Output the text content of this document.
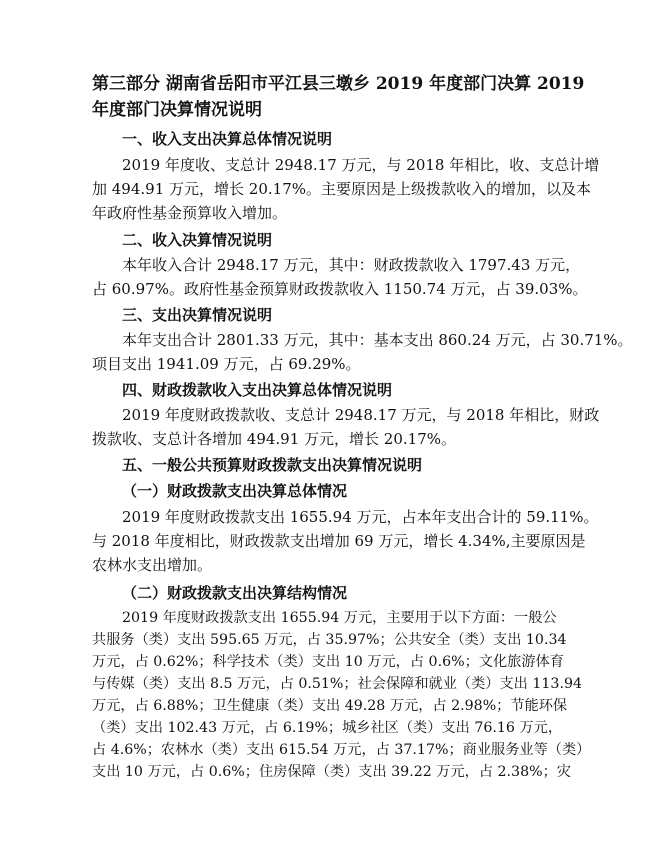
第三部分 湖南省岳阳市平江县三墩乡 2019 年度部门决算 2019
年度部门决算情况说明
一、收入支出决算总体情况说明
2019 年度收、支总计 2948.17 万元，与 2018 年相比，收、支总计增
加 494.91 万元，增长 20.17%。主要原因是上级拨款收入的增加，以及本
年政府性基金预算收入增加。
二、收入决算情况说明
本年收入合计 2948.17 万元，其中：财政拨款收入 1797.43 万元，
占 60.97%。政府性基金预算财政拨款收入 1150.74 万元，占 39.03%。
三、支出决算情况说明
本年支出合计 2801.33 万元，其中：基本支出 860.24 万元，占 30.71%。
项目支出 1941.09 万元，占 69.29%。
四、财政拨款收入支出决算总体情况说明
2019 年度财政拨款收、支总计 2948.17 万元，与 2018 年相比，财政
拨款收、支总计各增加 494.91 万元，增长 20.17%。
五、一般公共预算财政拨款支出决算情况说明
（一）财政拨款支出决算总体情况
2019 年度财政拨款支出 1655.94 万元，占本年支出合计的 59.11%。
与 2018 年度相比，财政拨款支出增加 69 万元，增长 4.34%,主要原因是
农林水支出增加。
（二）财政拨款支出决算结构情况
2019 年度财政拨款支出 1655.94 万元，主要用于以下方面：一般公
共服务（类）支出 595.65 万元，占 35.97%；公共安全（类）支出 10.34
万元，占 0.62%；科学技术（类）支出 10 万元，占 0.6%；文化旅游体育
与传媒（类）支出 8.5 万元，占 0.51%；社会保障和就业（类）支出 113.94
万元，占 6.88%；卫生健康（类）支出 49.28 万元，占 2.98%；节能环保
（类）支出 102.43 万元，占 6.19%；城乡社区（类）支出 76.16 万元，
占 4.6%；农林水（类）支出 615.54 万元，占 37.17%；商业服务业等（类）
支出 10 万元，占 0.6%；住房保障（类）支出 39.22 万元，占 2.38%；灾
